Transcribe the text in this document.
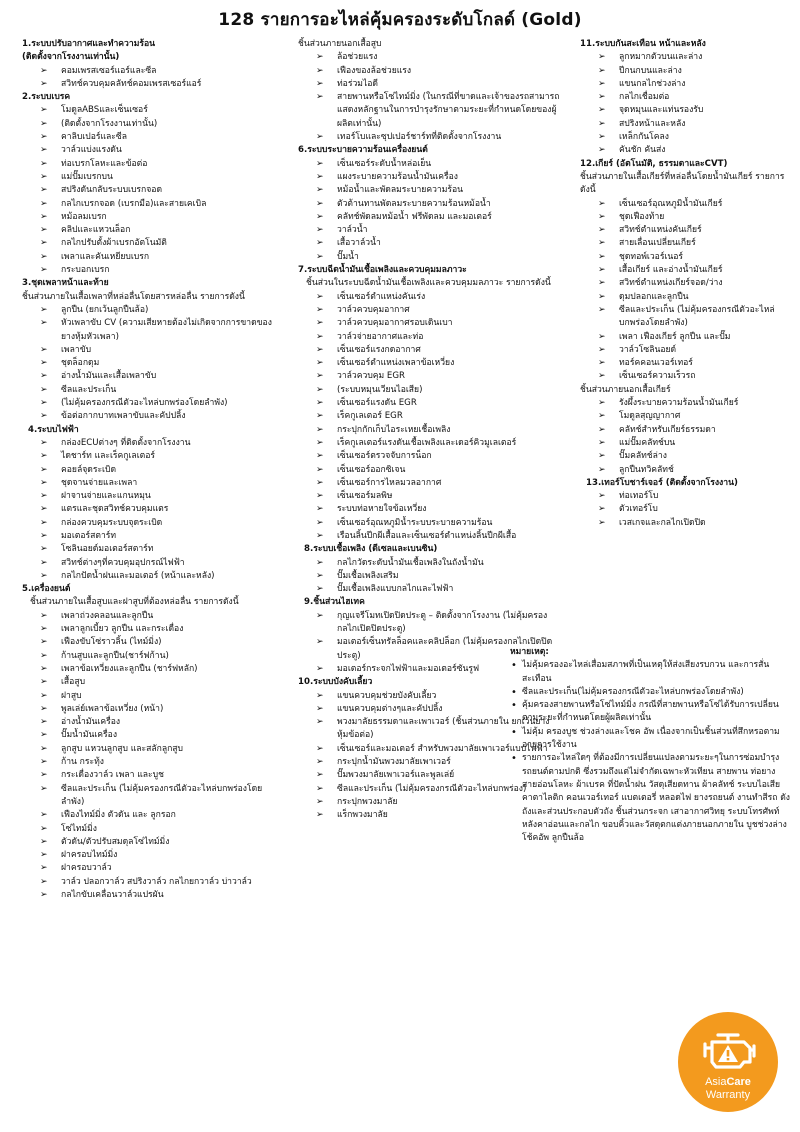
128 รายการอะไหล่คุ้มครองระดับโกลด์ (Gold)
1.ระบบปรับอากาศและทำความร้อน
(ติดตั้งจากโรงงานเท่านั้น)
➢ คอมเพรสเซอร์แอร์และซีล
➢ สวิทช์ควบคุมคลัทช์คอมเพรสเซอร์แอร์
2.ระบบเบรค
➢ โมดูลABSและเซ็นเซอร์
➢ (ติดตั้งจากโรงงานเท่านั้น)
➢ คาลิบเปอร์และซีล
➢ วาล์วแบ่งแรงดัน
➢ ท่อเบรกโลหะและข้อต่อ
➢ แม่ปั๊มเบรกบน
➢ สปริงดันกลับระบบเบรกจอด
➢ กลไกเบรกจอด (เบรกมือ)และสายเคเบิล
➢ หม้อลมเบรก
➢ คลิปและแหวนล็อก
➢ กลไกปรับตั้งผ้าเบรกอัตโนมัติ
➢ เพลาและคันเหยียบเบรก
➢ กระบอกเบรก
3.ชุดเพลาหน้าและท้าย
ชิ้นส่วนภายในเสื้อเพลาที่หล่อลื่นโดยสารหล่อลื่น รายการดังนี้
➢ ลูกปืน (ยกเว้นลูกปืนล้อ)
➢ หัวเพลาขับ CV (ความเสียหายต้องไม่เกิดจากการขาดของยางหุ้มหัวเพลา)
➢ เพลาขับ
➢ ชุดล็อกดุม
➢ อ่างน้ำมันและเสื้อเพลาขับ
➢ ซีลและประเก็น
➢ (ไม่คุ้มครองกรณีตัวอะไหล่บกพร่องโดยลำพัง)
➢ ข้อต่อกากบาทเพลาขับและคัปปลิ้ง
4.ระบบไฟฟ้า
➢ กล่องECUต่างๆ ที่ติดตั้งจากโรงงาน
➢ ไดชาร์ท และเร็คกูเลเตอร์
➢ คอยล์จุดระเบิด
➢ ชุดจานจ่ายและเพลา
➢ ฝาจานจ่ายและแกนหมุน
➢ แตรและชุดสวิทช์ควบคุมแตร
➢ กล่องควบคุมระบบจุดระเบิด
➢ มอเตอร์สตาร์ท
➢ โซลินอยด์มอเตอร์สตาร์ท
➢ สวิทช์ต่างๆที่ควบคุมอุปกรณ์ไฟฟ้า
➢ กลไกปัดน้ำฝนและมอเตอร์ (หน้าและหลัง)
5.เครื่องยนต์
ชิ้นส่วนภายในเสื้อสูบและฝาสูบที่ต้องหล่อลื่น รายการดังนี้
➢ เพลาถ่วงคลอนและลูกปืน
➢ เพลาลูกเบี้ยว ลูกปืน และกระเดื่อง
➢ เฟืองขับโซ่ราวลิ้น (ไทม์มิ่ง)
➢ ก้านสูบและลูกปืน(ชาร์ฟก้าน)
➢ เพลาข้อเหวี่ยงและลูกปืน (ชาร์ฟหลัก)
➢ เสื้อสูบ
➢ ฝาสูบ
➢ พูลเล่ย์เพลาข้อเหวี่ยง (หน้า)
➢ อ่างน้ำมันเครื่อง
➢ ปั๊มน้ำมันเครื่อง
➢ ลูกสูบ แหวนลูกสูบ และสลักลูกสูบ
➢ ก้าน กระทุ้ง
➢ กระเดื่องวาล์ว เพลา และบูช
➢ ซีลและประเก็น (ไม่คุ้มครองกรณีตัวอะไหล่บกพร่องโดยลำพัง)
➢ เฟืองไทม์มิ่ง ตัวดัน และ ลูกรอก
➢ โซ่ไทม์มิ่ง
➢ ตัวดัน/ตัวปรับสมดุลโซ่ไทม์มิ่ง
➢ ฝาครอบไทม์มิ่ง
➢ ฝาครอบวาล์ว
➢ วาล์ว ปลอกวาล์ว สปริงวาล์ว กลไกยกวาล์ว บ่าวาล์ว
➢ กลไกขับเคลื่อนวาล์วแปรผัน
ชิ้นส่วนภายนอกเสื้อสูบ
➢ ล้อช่วยแรง
➢ เฟืองของล้อช่วยแรง
➢ ท่อร่วมไอดี
➢ สายพานหรือโซ่ไทม์มิ่ง (ในกรณีที่ขาดและเจ้าของรถสามารถแสดงหลักฐานในการบำรุงรักษาตามระยะที่กำหนดโดยของผู้ผลิตเท่านั้น)
➢ เทอร์โบและซุปเปอร์ชาร์ทที่ติดตั้งจากโรงงาน
6.ระบบระบายความร้อนเครื่องยนต์
➢ เซ็นเซอร์ระดับน้ำหล่อเย็น
➢ แผงระบายความร้อนน้ำมันเครื่อง
➢ หม้อน้ำและพัดลมระบายความร้อน
➢ ตัวต้านทานพัดลมระบายความร้อนหม้อน้ำ
➢ คลัทช์พัดลมหม้อน้ำ ฟรีพัดลม และมอเตอร์
➢ วาล์วน้ำ
➢ เสื้อวาล์วน้ำ
➢ ปั๊มน้ำ
7.ระบบฉีดน้ำมันเชื้อเพลิงและควบคุมมลภาวะ
ชิ้นส่วนในระบบฉีดน้ำมันเชื้อเพลิงและควบคุมมลภาวะ รายการดังนี้
➢ เซ็นเซอร์ตำแหน่งคันเร่ง
➢ วาล์วควบคุมอากาศ
➢ วาล์วควบคุมอากาศรอบเดินเบา
➢ วาล์วจ่ายอากาศและท่อ
➢ เซ็นเซอร์แรงกดอากาศ
➢ เซ็นเซอร์ตำแหน่งเพลาข้อเหวี่ยง
➢ วาล์วควบคุม EGR
➢ (ระบบหมุนเวียนไอเสีย)
➢ เซ็นเซอร์แรงดัน EGR
➢ เร็คกูเลเตอร์ EGR
➢ กระปุกกักเก็บไอระเหยเชื้อเพลิง
➢ เร็คกูเลเตอร์แรงดันเชื้อเพลิงและเดอร์คิวมูเลเตอร์
➢ เซ็นเซอร์ตรวจจับการน็อก
➢ เซ็นเซอร์ออกซิเจน
➢ เซ็นเซอร์การไหลมวลอากาศ
➢ เซ็นเซอร์มลพิษ
➢ ระบบท่อหายใจข้อเหวี่ยง
➢ เซ็นเซอร์อุณหภูมิน้ำระบบระบายความร้อน
➢ เรือนลิ้นปีกผีเสื้อและเซ็นเซอร์ตำแหน่งลิ้นปีกผีเสื้อ
8.ระบบเชื้อเพลิง (ดีเซลและเบนซิน)
➢ กลไกวัดระดับน้ำมันเชื้อเพลิงในถังน้ำมัน
➢ ปั๊มเชื้อเพลิงเสริม
➢ ปั๊มเชื้อเพลิงแบบกลไกและไฟฟ้า
9.ชิ้นส่วนไฮเทค
➢ กุญแจรีโมทเปิดปิดประตู – ติดตั้งจากโรงงาน (ไม่คุ้มครองกลไกเปิดปิดประตู)
➢ มอเตอร์เซ็นทรัลล็อคและคลิปล็อก (ไม่คุ้มครองกลไกเปิดปิดประตู)
➢ มอเตอร์กระจกไฟฟ้าและมอเตอร์ซันรูฟ
10.ระบบบังคับเลี้ยว
➢ แขนควบคุมช่วยบังคับเลี้ยว
➢ แขนควบคุมต่างๆและคัปปลิ้ง
➢ พวงมาลัยธรรมดาและเพาเวอร์ (ชิ้นส่วนภายใน ยกเว้นยางหุ้มข้อต่อ)
➢ เซ็นเซอร์และมอเตอร์ สำหรับพวงมาลัยเพาเวอร์แบบไฟฟ้า
➢ กระปุกน้ำมันพวงมาลัยเพาเวอร์
➢ ปั๊มพวงมาลัยเพาเวอร์และพูลเล่ย์
➢ ซีลและประเก็น (ไม่คุ้มครองกรณีตัวอะไหล่บกพร่อง)
➢ กระปุกพวงมาลัย
➢ แร็กพวงมาลัย
11.ระบบกันสะเทือน หน้าและหลัง
➢ ลูกหมากตัวบนและล่าง
➢ ปีกนกบนและล่าง
➢ แขนกลไกช่วงล่าง
➢ กลไกเชื่อมต่อ
➢ จุดหมุนและแท่นรองรับ
➢ สปริงหน้าและหลัง
➢ เหล็กกันโคลง
➢ คันชัก คันส่ง
12.เกียร์ (อัตโนมัติ, ธรรมดาและCVT)
ชิ้นส่วนภายในเสื้อเกียร์ที่หล่อลื่นโดยน้ำมันเกียร์ รายการดังนี้
➢ เซ็นเซอร์อุณหภูมิน้ำมันเกียร์
➢ ชุดเฟืองท้าย
➢ สวิทช์ตำแหน่งคันเกียร์
➢ สายเลื่อนเปลี่ยนเกียร์
➢ ชุดทอพ์เวอร์เนอร์
➢ เสื้อเกียร์ และอ่างน้ำมันเกียร์
➢ สวิทช์ตำแหน่งเกียร์จอด/ว่าง
➢ ดุมปลอกและลูกปืน
➢ ซีลและประเก็น (ไม่คุ้มครองกรณีตัวอะไหล่บกพร่องโดยลำพัง)
➢ เพลา เฟืองเกียร์ ลูกปืน และปั๊ม
➢ วาล์วโซลินอยด์
➢ ทอร์คคอนเวอร์เทอร์
➢ เซ็นเซอร์ความเร็วรถ
ชิ้นส่วนภายนอกเสื้อเกียร์
➢ รังผึ้งระบายความร้อนน้ำมันเกียร์
➢ โมดูลสุญญากาศ
➢ คลัทช์สำหรับเกียร์ธรรมดา
➢ แม่ปั๊มคลัทช์บน
➢ ปั๊มคลัทช์ล่าง
➢ ลูกปืนทวิคลัทช์
13.เทอร์โบชาร์เจอร์ (ติดตั้งจากโรงงาน)
➢ ท่อเทอร์โบ
➢ ตัวเทอร์โบ
➢ เวสเกจและกลไกเปิดปิด
หมายเหตุ:
• ไม่คุ้มครองอะไหล่เสื่อมสภาพที่เป็นเหตุให้ส่งเสียงรบกวน และการสั่นสะเทือน
• ซีลและประเก็น(ไม่คุ้มครองกรณีตัวอะไหล่บกพร่องโดยลำพัง)
• คุ้มครองสายพานหรือโซ่ไทม์มิ่ง กรณีที่สายพานหรือโซ่ได้รับการเปลี่ยนตามระยะที่กำหนดโดยผู้ผลิตเท่านั้น
• ไม่คุ้ม ครองบูช ช่วงล่างและโชค อัพ เนื่องจากเป็นชิ้นส่วนที่สึกหรอตามอายุการใช้งาน
• รายการอะไหล่ใดๆ ที่ต้องมีการเปลี่ยนแปลงตามระยะๆในการซ่อมบำรุงรถยนต์ตามปกติ ซึ่งรวมถึงแต่ไม่จำกัดเฉพาะหัวเทียน สายพาน ท่อยาง สายอ่อนโลหะ ผ้าเบรค ที่ปัดน้ำฝน วัสดุเสียดทาน ผ้าคลัทช์ ระบบไอเสีย คาตาไลติก คอนเวอร์เทอร์ แบตเตอรี่ หลอดไฟ ยางรถยนต์ งานทำสีรถ ดังถังและส่วนประกอบตัวถัง ชิ้นส่วนกระจก เสาอากาศวิทยุ ระบบโทรศัพท์ หลังคาอ่อนและกลไก ขอบคิ้วและวัสดุตกแต่งภายนอกภายใน บูชช่วงล่าง โช้คอัพ ลูกปืนล้อ
AsiaCare
Warranty
